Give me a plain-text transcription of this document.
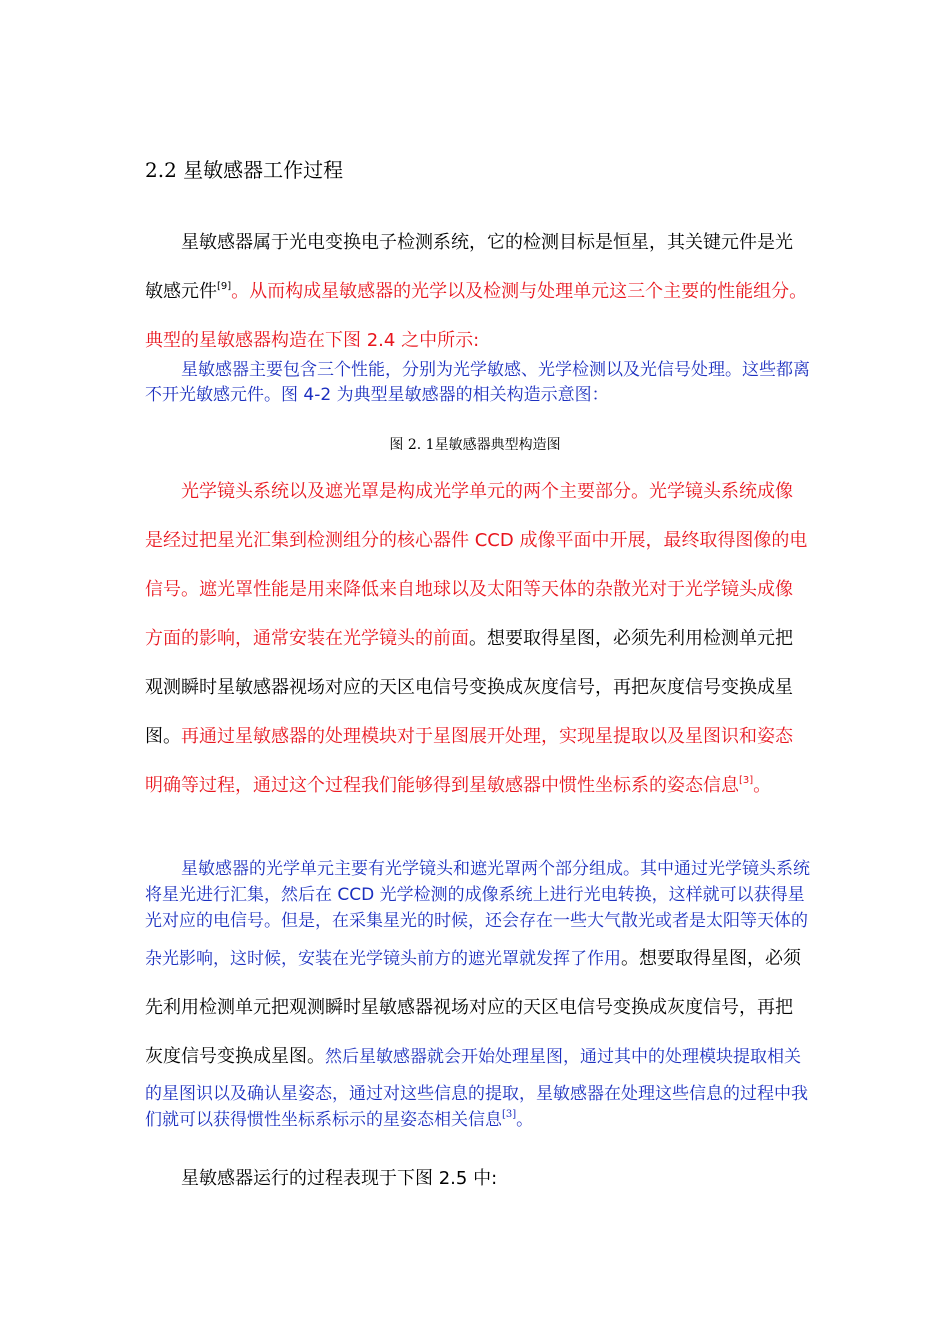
2.2 星敏感器工作过程
星敏感器属于光电变换电子检测系统，它的检测目标是恒星，其关键元件是光敏感元件[9]。从而构成星敏感器的光学以及检测与处理单元这三个主要的性能组分。典型的星敏感器构造在下图 2.4 之中所示:
星敏感器主要包含三个性能，分别为光学敏感、光学检测以及光信号处理。这些都离不开光敏感元件。图 4-2 为典型星敏感器的相关构造示意图：
图 2. 1星敏感器典型构造图
光学镜头系统以及遮光罩是构成光学单元的两个主要部分。光学镜头系统成像是经过把星光汇集到检测组分的核心器件 CCD 成像平面中开展，最终取得图像的电信号。遮光罩性能是用来降低来自地球以及太阳等天体的杂散光对于光学镜头成像方面的影响，通常安装在光学镜头的前面。想要取得星图，必须先利用检测单元把观测瞬时星敏感器视场对应的天区电信号变换成灰度信号，再把灰度信号变换成星图。再通过星敏感器的处理模块对于星图展开处理，实现星提取以及星图识和姿态明确等过程，通过这个过程我们能够得到星敏感器中惯性坐标系的姿态信息[3]。
星敏感器的光学单元主要有光学镜头和遮光罩两个部分组成。其中通过光学镜头系统将星光进行汇集，然后在 CCD 光学检测的成像系统上进行光电转换，这样就可以获得星光对应的电信号。但是，在采集星光的时候，还会存在一些大气散光或者是太阳等天体的杂光影响，这时候，安装在光学镜头前方的遮光罩就发挥了作用。想要取得星图，必须先利用检测单元把观测瞬时星敏感器视场对应的天区电信号变换成灰度信号，再把灰度信号变换成星图。然后星敏感器就会开始处理星图，通过其中的处理模块提取相关的星图识以及确认星姿态，通过对这些信息的提取，星敏感器在处理这些信息的过程中我们就可以获得惯性坐标系标示的星姿态相关信息[3]。
星敏感器运行的过程表现于下图 2.5 中:
